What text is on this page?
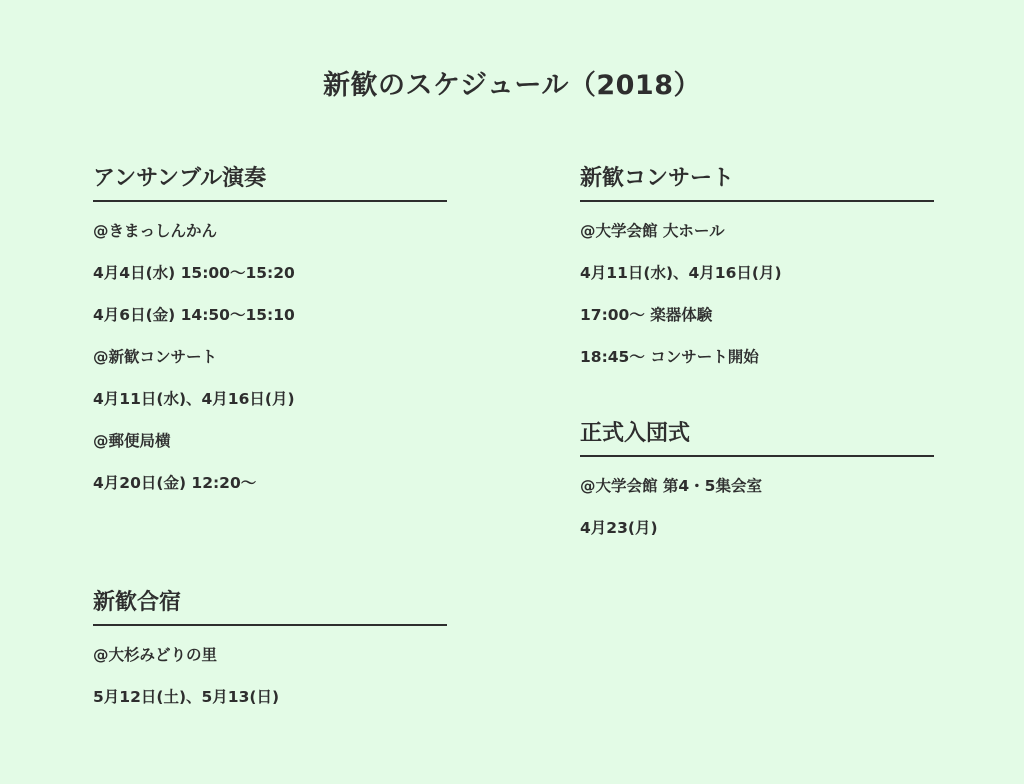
新歓のスケジュール（2018）
アンサンブル演奏
@きまっしんかん
4月4日(水) 15:00〜15:20
4月6日(金) 14:50〜15:10
@新歓コンサート
4月11日(水)、4月16日(月)
@郵便局横
4月20日(金) 12:20〜
新歓合宿
@大杉みどりの里
5月12日(土)、5月13(日)
新歓コンサート
@大学会館 大ホール
4月11日(水)、4月16日(月)
17:00〜 楽器体験
18:45〜 コンサート開始
正式入団式
@大学会館 第4・5集会室
4月23(月)
